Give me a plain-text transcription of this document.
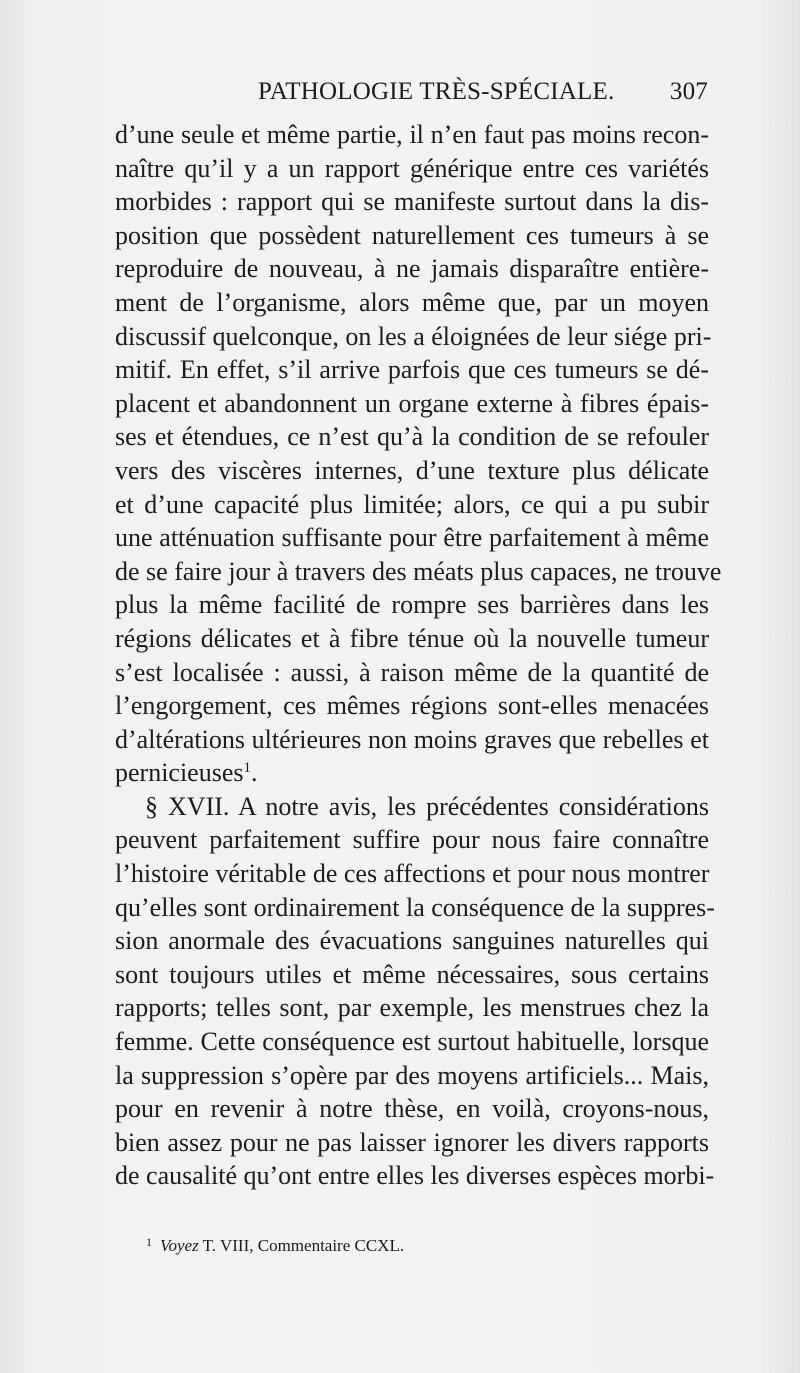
PATHOLOGIE TRÈS-SPÉCIALE. 307
d’une seule et même partie, il n’en faut pas moins recon-
naître qu’il y a un rapport générique entre ces variétés
morbides : rapport qui se manifeste surtout dans la dis-
position que possèdent naturellement ces tumeurs à se
reproduire de nouveau, à ne jamais disparaître entière-
ment de l’organisme, alors même que, par un moyen
discussif quelconque, on les a éloignées de leur siége pri-
mitif. En effet, s’il arrive parfois que ces tumeurs se dé-
placent et abandonnent un organe externe à fibres épais-
ses et étendues, ce n’est qu’à la condition de se refouler
vers des viscères internes, d’une texture plus délicate
et d’une capacité plus limitée; alors, ce qui a pu subir
une atténuation suffisante pour être parfaitement à même
de se faire jour à travers des méats plus capaces, ne trouve
plus la même facilité de rompre ses barrières dans les
régions délicates et à fibre ténue où la nouvelle tumeur
s’est localisée : aussi, à raison même de la quantité de
l’engorgement, ces mêmes régions sont-elles menacées
d’altérations ultérieures non moins graves que rebelles et
pernicieuses$^1$.
§ XVII. A notre avis, les précédentes considérations
peuvent parfaitement suffire pour nous faire connaître
l’histoire véritable de ces affections et pour nous montrer
qu’elles sont ordinairement la conséquence de la suppres-
sion anormale des évacuations sanguines naturelles qui
sont toujours utiles et même nécessaires, sous certains
rapports; telles sont, par exemple, les menstrues chez la
femme. Cette conséquence est surtout habituelle, lorsque
la suppression s’opère par des moyens artificiels... Mais,
pour en revenir à notre thèse, en voilà, croyons-nous,
bien assez pour ne pas laisser ignorer les divers rapports
de causalité qu’ont entre elles les diverses espèces morbi-
$^1$ Voyez T. VIII, Commentaire CCXL.
